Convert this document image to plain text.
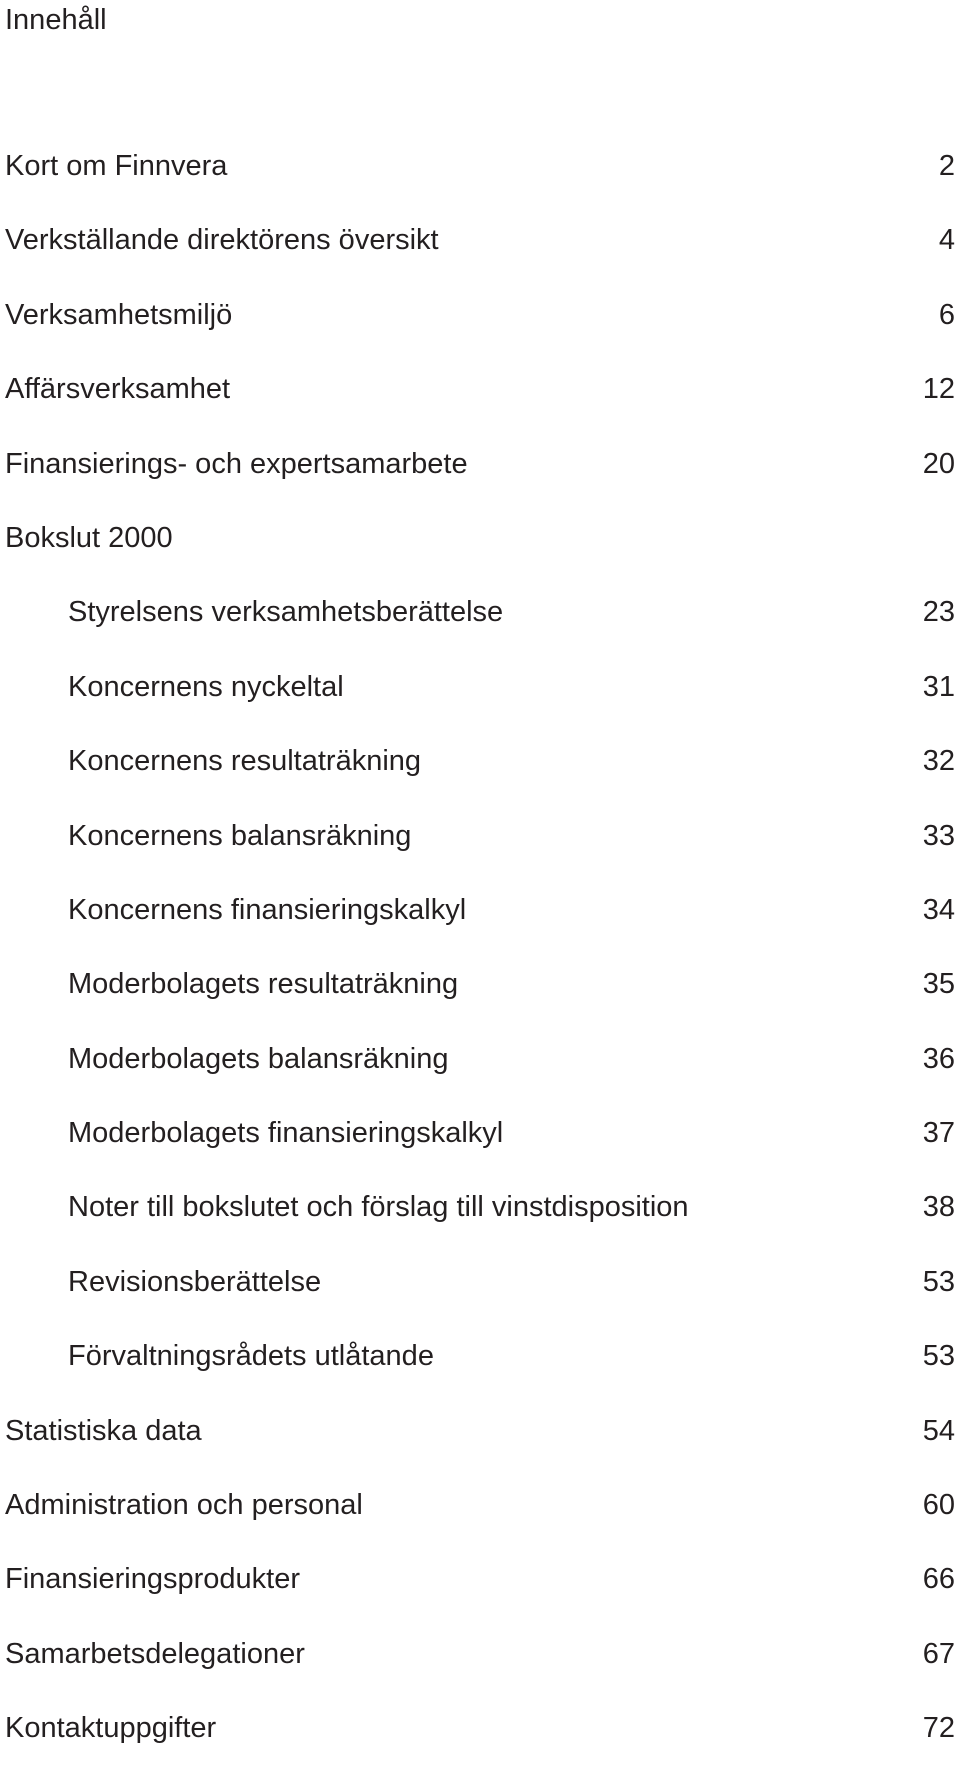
Innehåll
Kort om Finnvera	2
Verkställande direktörens översikt	4
Verksamhetsmiljö	6
Affärsverksamhet	12
Finansierings- och expertsamarbete	20
Bokslut 2000
Styrelsens verksamhetsberättelse	23
Koncernens nyckeltal	31
Koncernens resultaträkning	32
Koncernens balansräkning	33
Koncernens finansieringskalkyl	34
Moderbolagets resultaträkning	35
Moderbolagets balansräkning	36
Moderbolagets finansieringskalkyl	37
Noter till bokslutet och förslag till vinstdisposition	38
Revisionsberättelse	53
Förvaltningsrådets utlåtande	53
Statistiska data	54
Administration och personal	60
Finansieringsprodukter	66
Samarbetsdelegationer	67
Kontaktuppgifter	72
